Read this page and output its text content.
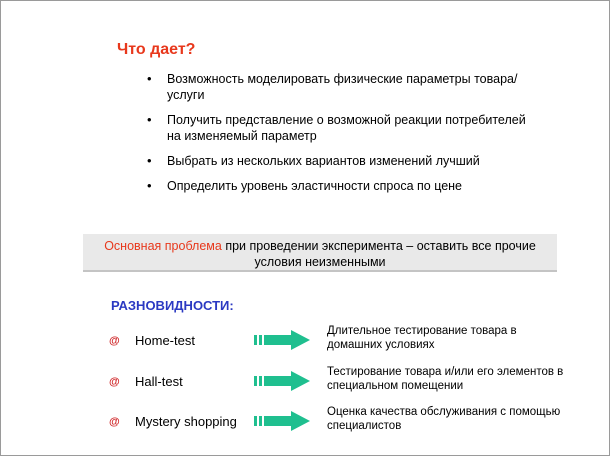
Что дает?
• Возможность моделировать физические параметры товара/ услуги
• Получить представление о возможной реакции потребителей на изменяемый параметр
• Выбрать из нескольких вариантов изменений лучший
• Определить уровень эластичности спроса по цене
Основная проблема при проведении эксперимента – оставить все прочие условия неизменными
РАЗНОВИДНОСТИ:
@ Home-test
Длительное тестирование товара в домашних условиях
@ Hall-test
Тестирование товара и/или его элементов в специальном помещении
@ Mystery shopping
Оценка качества обслуживания с помощью специалистов
